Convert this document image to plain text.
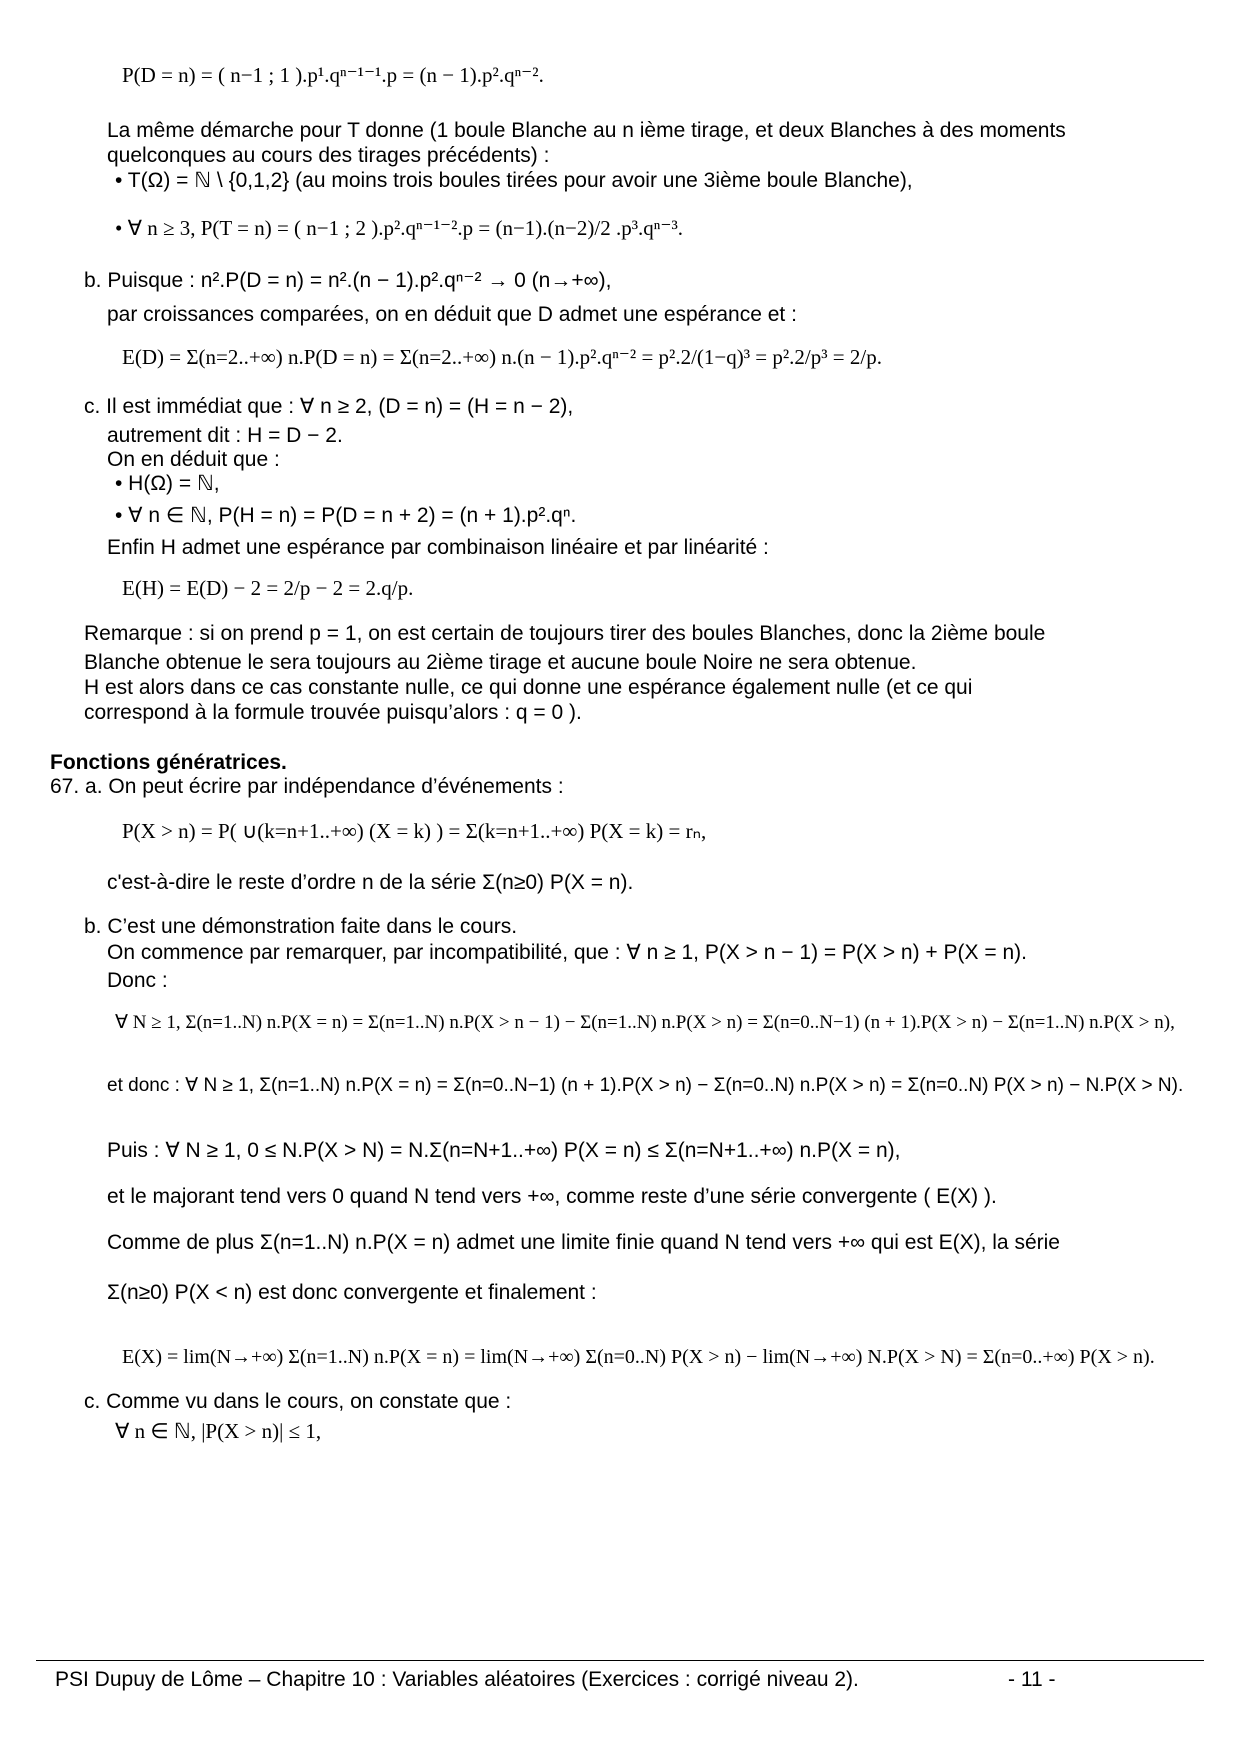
P(D = n) = ( n−1 ; 1 ).p¹.qⁿ⁻¹⁻¹.p = (n − 1).p².qⁿ⁻².
La même démarche pour T donne (1 boule Blanche au n ième tirage, et deux Blanches à des moments
quelconques au cours des tirages précédents) :
• T(Ω) = ℕ \ {0,1,2} (au moins trois boules tirées pour avoir une 3ième boule Blanche),
• ∀ n ≥ 3, P(T = n) = ( n−1 ; 2 ).p².qⁿ⁻¹⁻².p = (n−1).(n−2)/2 .p³.qⁿ⁻³.
b. Puisque : n².P(D = n) = n².(n − 1).p².qⁿ⁻² → 0 (n→+∞),
par croissances comparées, on en déduit que D admet une espérance et :
E(D) = Σ(n=2..+∞) n.P(D = n) = Σ(n=2..+∞) n.(n − 1).p².qⁿ⁻² = p².2/(1−q)³ = p².2/p³ = 2/p.
c. Il est immédiat que : ∀ n ≥ 2, (D = n) = (H = n − 2),
autrement dit : H = D − 2.
On en déduit que :
• H(Ω) = ℕ,
• ∀ n ∈ ℕ, P(H = n) = P(D = n + 2) = (n + 1).p².qⁿ.
Enfin H admet une espérance par combinaison linéaire et par linéarité :
E(H) = E(D) − 2 = 2/p − 2 = 2.q/p.
Remarque : si on prend p = 1, on est certain de toujours tirer des boules Blanches, donc la 2ième boule
Blanche obtenue le sera toujours au 2ième tirage et aucune boule Noire ne sera obtenue.
H est alors dans ce cas constante nulle, ce qui donne une espérance également nulle (et ce qui
correspond à la formule trouvée puisqu’alors : q = 0 ).
Fonctions génératrices.
67. a. On peut écrire par indépendance d’événements :
P(X > n) = P( ∪(k=n+1..+∞) (X = k) ) = Σ(k=n+1..+∞) P(X = k) = rₙ,
c'est-à-dire le reste d’ordre n de la série Σ(n≥0) P(X = n).
b. C’est une démonstration faite dans le cours.
On commence par remarquer, par incompatibilité, que : ∀ n ≥ 1, P(X > n − 1) = P(X > n) + P(X = n).
Donc :
∀ N ≥ 1, Σ(n=1..N) n.P(X = n) = Σ(n=1..N) n.P(X > n − 1) − Σ(n=1..N) n.P(X > n) = Σ(n=0..N−1) (n + 1).P(X > n) − Σ(n=1..N) n.P(X > n),
et donc : ∀ N ≥ 1, Σ(n=1..N) n.P(X = n) = Σ(n=0..N−1) (n + 1).P(X > n) − Σ(n=0..N) n.P(X > n) = Σ(n=0..N) P(X > n) − N.P(X > N).
Puis : ∀ N ≥ 1, 0 ≤ N.P(X > N) = N.Σ(n=N+1..+∞) P(X = n) ≤ Σ(n=N+1..+∞) n.P(X = n),
et le majorant tend vers 0 quand N tend vers +∞, comme reste d’une série convergente ( E(X) ).
Comme de plus Σ(n=1..N) n.P(X = n) admet une limite finie quand N tend vers +∞ qui est E(X), la série
Σ(n≥0) P(X < n) est donc convergente et finalement :
E(X) = lim(N→+∞) Σ(n=1..N) n.P(X = n) = lim(N→+∞) Σ(n=0..N) P(X > n) − lim(N→+∞) N.P(X > N) = Σ(n=0..+∞) P(X > n).
c. Comme vu dans le cours, on constate que :
∀ n ∈ ℕ, |P(X > n)| ≤ 1,
PSI Dupuy de Lôme – Chapitre 10 : Variables aléatoires (Exercices : corrigé niveau 2).	- 11 -
